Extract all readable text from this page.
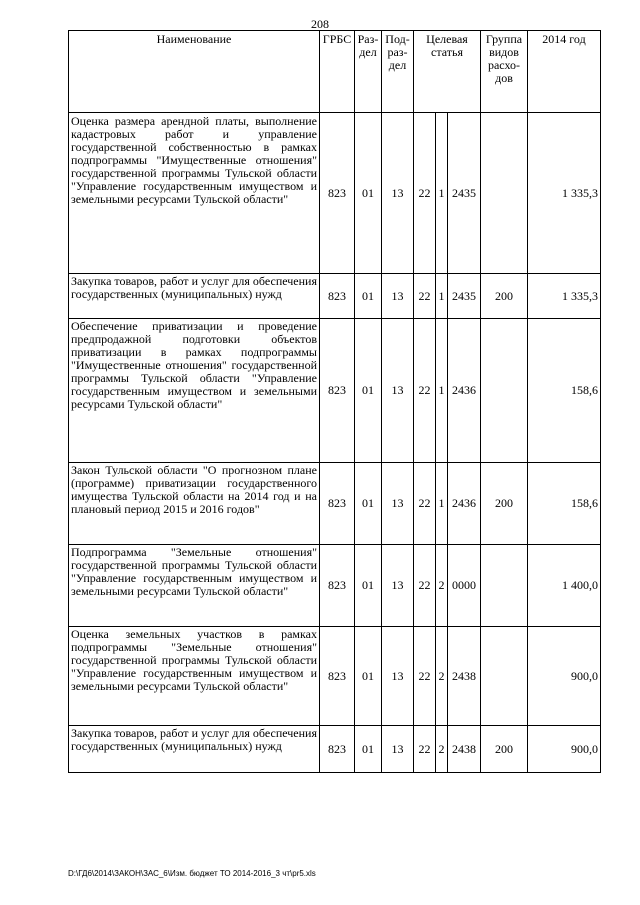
208
Наименование	ГРБС	Раз-дел	Под-раз-дел	Целевая статья			Группа видов расхо-дов	2014 год
Оценка размера арендной платы, выполнение кадастровых работ и управление государственной собственностью в рамках подпрограммы "Имущественные отношения" государственной программы Тульской области "Управление государственным имуществом и земельными ресурсами Тульской области"	823	01	13	22	1	2435		1 335,3
Закупка товаров, работ и услуг для обеспечения государственных (муниципальных) нужд	823	01	13	22	1	2435	200	1 335,3
Обеспечение приватизации и проведение предпродажной подготовки объектов приватизации в рамках подпрограммы "Имущественные отношения" государственной программы Тульской области "Управление государственным имуществом и земельными ресурсами Тульской области"	823	01	13	22	1	2436		158,6
Закон Тульской области "О прогнозном плане (программе) приватизации государственного имущества Тульской области на 2014 год и на плановый период 2015 и 2016 годов"	823	01	13	22	1	2436	200	158,6
Подпрограмма "Земельные отношения" государственной программы Тульской области "Управление государственным имуществом и земельными ресурсами Тульской области"	823	01	13	22	2	0000		1 400,0
Оценка земельных участков в рамках подпрограммы "Земельные отношения" государственной программы Тульской области "Управление государственным имуществом и земельными ресурсами Тульской области"	823	01	13	22	2	2438		900,0
Закупка товаров, работ и услуг для обеспечения государственных (муниципальных) нужд	823	01	13	22	2	2438	200	900,0
D:\ГД6\2014\ЗАКОН\ЗАС_6\Изм. бюджет ТО 2014-2016_3 чт\pr5.xls
